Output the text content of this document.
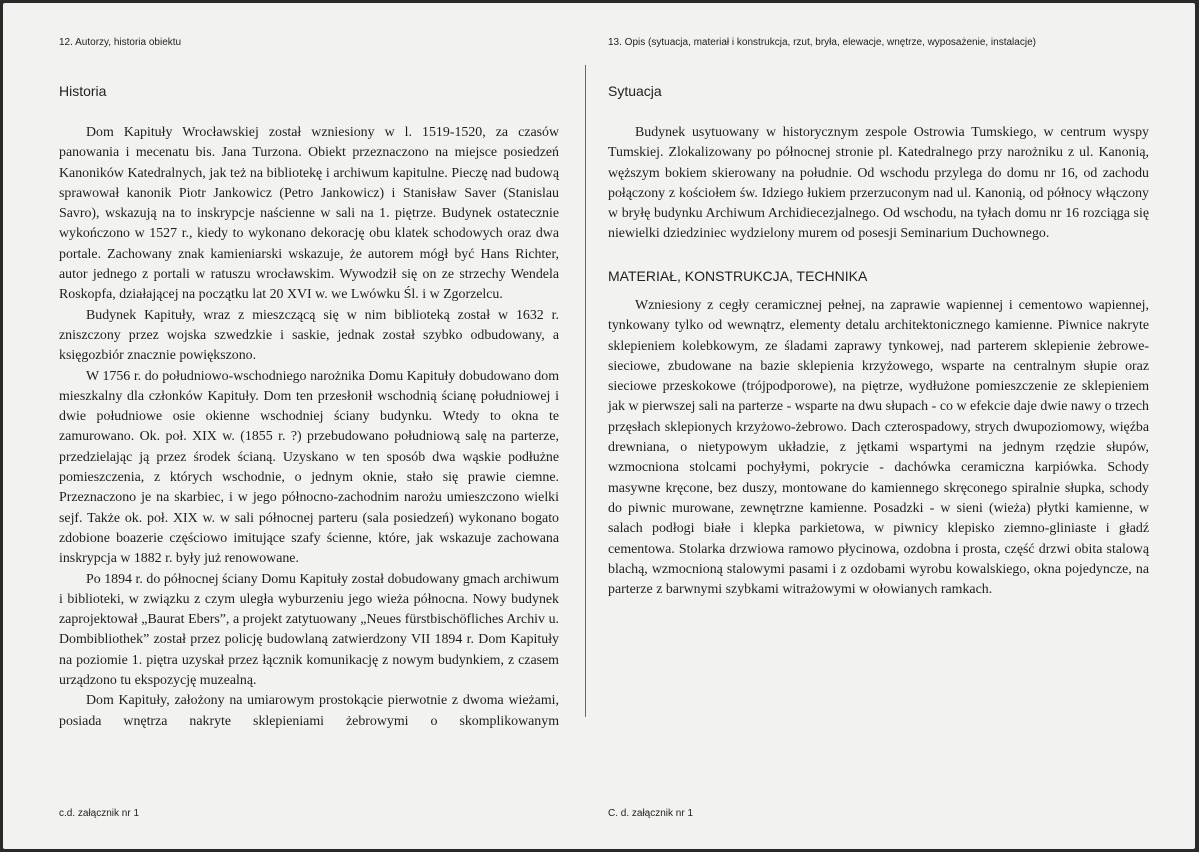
12. Autorzy, historia obiektu
Historia

Dom Kapituły Wrocławskiej został wzniesiony w l. 1519-1520, za czasów panowania i mecenatu bis. Jana Turzona. Obiekt przeznaczono na miejsce posiedzeń Kanoników Katedralnych, jak też na bibliotekę i archiwum kapitulne. Pieczę nad budową sprawował kanonik Piotr Jankowicz (Petro Jankowicz) i Stanisław Saver (Stanislau Savro), wskazują na to inskrypcje naścienne w sali na 1. piętrze. Budynek ostatecznie wykończono w 1527 r., kiedy to wykonano dekorację obu klatek schodowych oraz dwa portale. Zachowany znak kamieniarski wskazuje, że autorem mógł być Hans Richter, autor jednego z portali w ratuszu wrocławskim. Wywodził się on ze strzechy Wendela Roskopfa, działającej na początku lat 20 XVI w. we Lwówku Śl. i w Zgorzelcu.

Budynek Kapituły, wraz z mieszczącą się w nim biblioteką został w 1632 r. zniszczony przez wojska szwedzkie i saskie, jednak został szybko odbudowany, a księgozbiór znacznie powiększono.

W 1756 r. do południowo-wschodniego narożnika Domu Kapituły dobudowano dom mieszkalny dla członków Kapituły. Dom ten przesłonił wschodnią ścianę południowej i dwie południowe osie okienne wschodniej ściany budynku. Wtedy to okna te zamurowano. Ok. poł. XIX w. (1855 r. ?) przebudowano południową salę na parterze, przedzielając ją przez środek ścianą. Uzyskano w ten sposób dwa wąskie podłużne pomieszczenia, z których wschodnie, o jednym oknie, stało się prawie ciemne. Przeznaczono je na skarbiec, i w jego północno-zachodnim narożu umieszczono wielki sejf. Także ok. poł. XIX w. w sali północnej parteru (sala posiedzeń) wykonano bogato zdobione boazerie częściowo imitujące szafy ścienne, które, jak wskazuje zachowana inskrypcja w 1882 r. były już renowowane.

Po 1894 r. do północnej ściany Domu Kapituły został dobudowany gmach archiwum i biblioteki, w związku z czym uległa wyburzeniu jego wieża północna. Nowy budynek zaprojektował „Baurat Ebers”, a projekt zatytuowany „Neues fürstbischöfliches Archiv u. Dombibliothek” został przez policję budowlaną zatwierdzony VII 1894 r. Dom Kapituły na poziomie 1. piętra uzyskał przez łącznik komunikację z nowym budynkiem, z czasem urządzono tu ekspozycję muzealną.

Dom Kapituły, założony na umiarowym prostokącie pierwotnie z dwoma wieżami, posiada wnętrza nakryte sklepieniami żebrowymi o skomplikowanym

c.d. załącznik nr 1
13. Opis (sytuacja, materiał i konstrukcja, rzut, bryła, elewacje, wnętrze, wyposażenie, instalacje)
Sytuacja

Budynek usytuowany w historycznym zespole Ostrowia Tumskiego, w centrum wyspy Tumskiej. Zlokalizowany po północnej stronie pl. Katedralnego przy narożniku z ul. Kanonią, węższym bokiem skierowany na południe. Od wschodu przylega do domu nr 16, od zachodu połączony z kościołem św. Idziego łukiem przerzuconym nad ul. Kanonią, od północy włączony w bryłę budynku Archiwum Archidiecezjalnego. Od wschodu, na tyłach domu nr 16 rozciąga się niewielki dziedziniec wydzielony murem od posesji Seminarium Duchownego.

MATERIAŁ, KONSTRUKCJA, TECHNIKA

Wzniesiony z cegły ceramicznej pełnej, na zaprawie wapiennej i cementowo wapiennej, tynkowany tylko od wewnątrz, elementy detalu architektonicznego kamienne. Piwnice nakryte sklepieniem kolebkowym, ze śladami zaprawy tynkowej, nad parterem sklepienie żebrowe-sieciowe, zbudowane na bazie sklepienia krzyżowego, wsparte na centralnym słupie oraz sieciowe przeskokowe (trójpodporowe), na piętrze, wydłużone pomieszczenie ze sklepieniem jak w pierwszej sali na parterze - wsparte na dwu słupach - co w efekcie daje dwie nawy o trzech przęsłach sklepionych krzyżowo-żebrowo. Dach czterospadowy, strych dwupoziomowy, więźba drewniana, o nietypowym układzie, z jętkami wspartymi na jednym rzędzie słupów, wzmocniona stolcami pochyłymi, pokrycie - dachówka ceramiczna karpiówka. Schody masywne kręcone, bez duszy, montowane do kamiennego skręconego spiralnie słupka, schody do piwnic murowane, zewnętrzne kamienne. Posadzki - w sieni (wieża) płytki kamienne, w salach podłogi białe i klepka parkietowa, w piwnicy klepisko ziemno-gliniaste i gładź cementowa. Stolarka drzwiowa ramowo płycinowa, ozdobna i prosta, część drzwi obita stalową blachą, wzmocnioną stalowymi pasami i z ozdobami wyrobu kowalskiego, okna pojedyncze, na parterze z barwnymi szybkami witrażowymi w ołowianych ramkach.

C. d. załącznik nr 1
